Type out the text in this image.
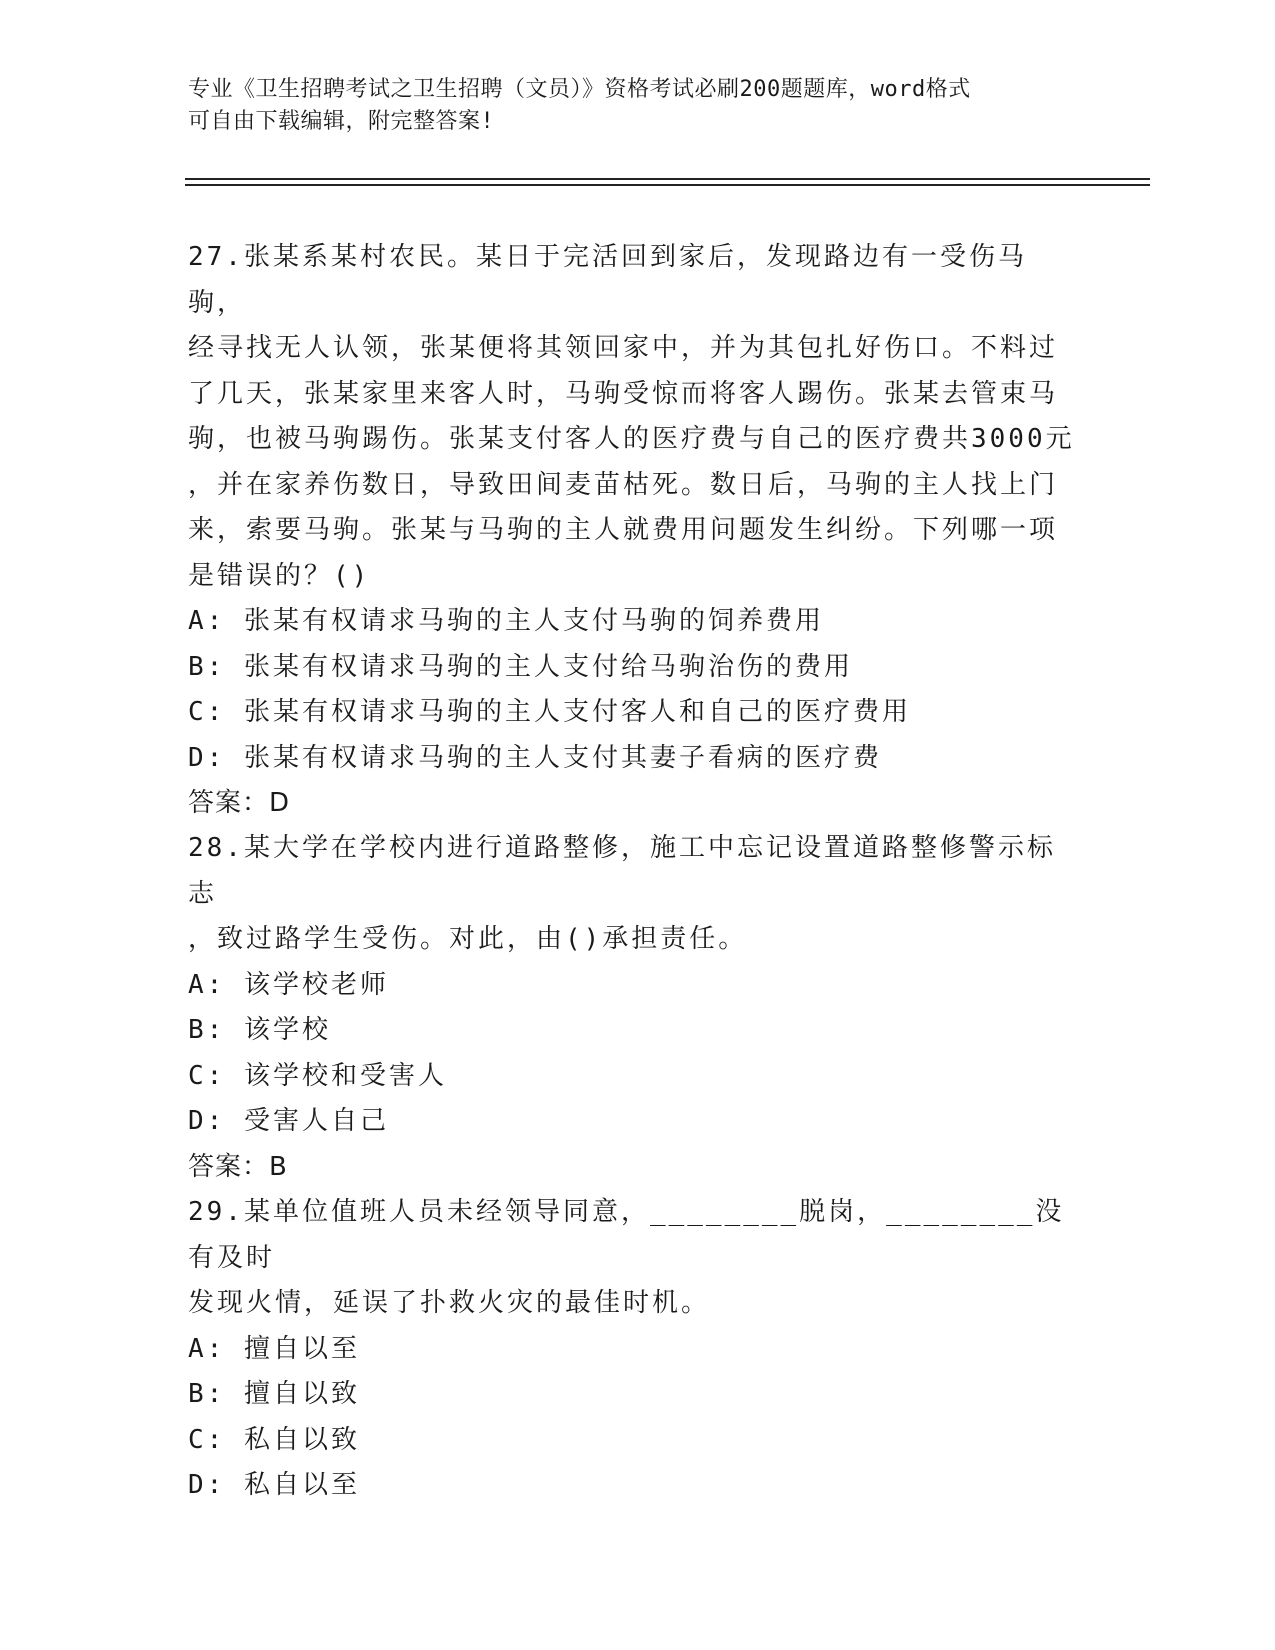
专业《卫生招聘考试之卫生招聘（文员）》资格考试必刷200题题库，word格式
可自由下载编辑，附完整答案!
27.张某系某村农民。某日于完活回到家后，发现路边有一受伤马驹，
经寻找无人认领，张某便将其领回家中，并为其包扎好伤口。不料过
了几天，张某家里来客人时，马驹受惊而将客人踢伤。张某去管束马
驹，也被马驹踢伤。张某支付客人的医疗费与自己的医疗费共3000元
，并在家养伤数日，导致田间麦苗枯死。数日后，马驹的主人找上门
来，索要马驹。张某与马驹的主人就费用问题发生纠纷。下列哪一项
是错误的？()
A: 张某有权请求马驹的主人支付马驹的饲养费用
B: 张某有权请求马驹的主人支付给马驹治伤的费用
C: 张某有权请求马驹的主人支付客人和自己的医疗费用
D: 张某有权请求马驹的主人支付其妻子看病的医疗费
答案：D
28.某大学在学校内进行道路整修，施工中忘记设置道路整修警示标志
，致过路学生受伤。对此，由()承担责任。
A: 该学校老师
B: 该学校
C: 该学校和受害人
D: 受害人自己
答案：B
29.某单位值班人员未经领导同意，________脱岗，________没有及时
发现火情，延误了扑救火灾的最佳时机。
A: 擅自以至
B: 擅自以致
C: 私自以致
D: 私自以至
